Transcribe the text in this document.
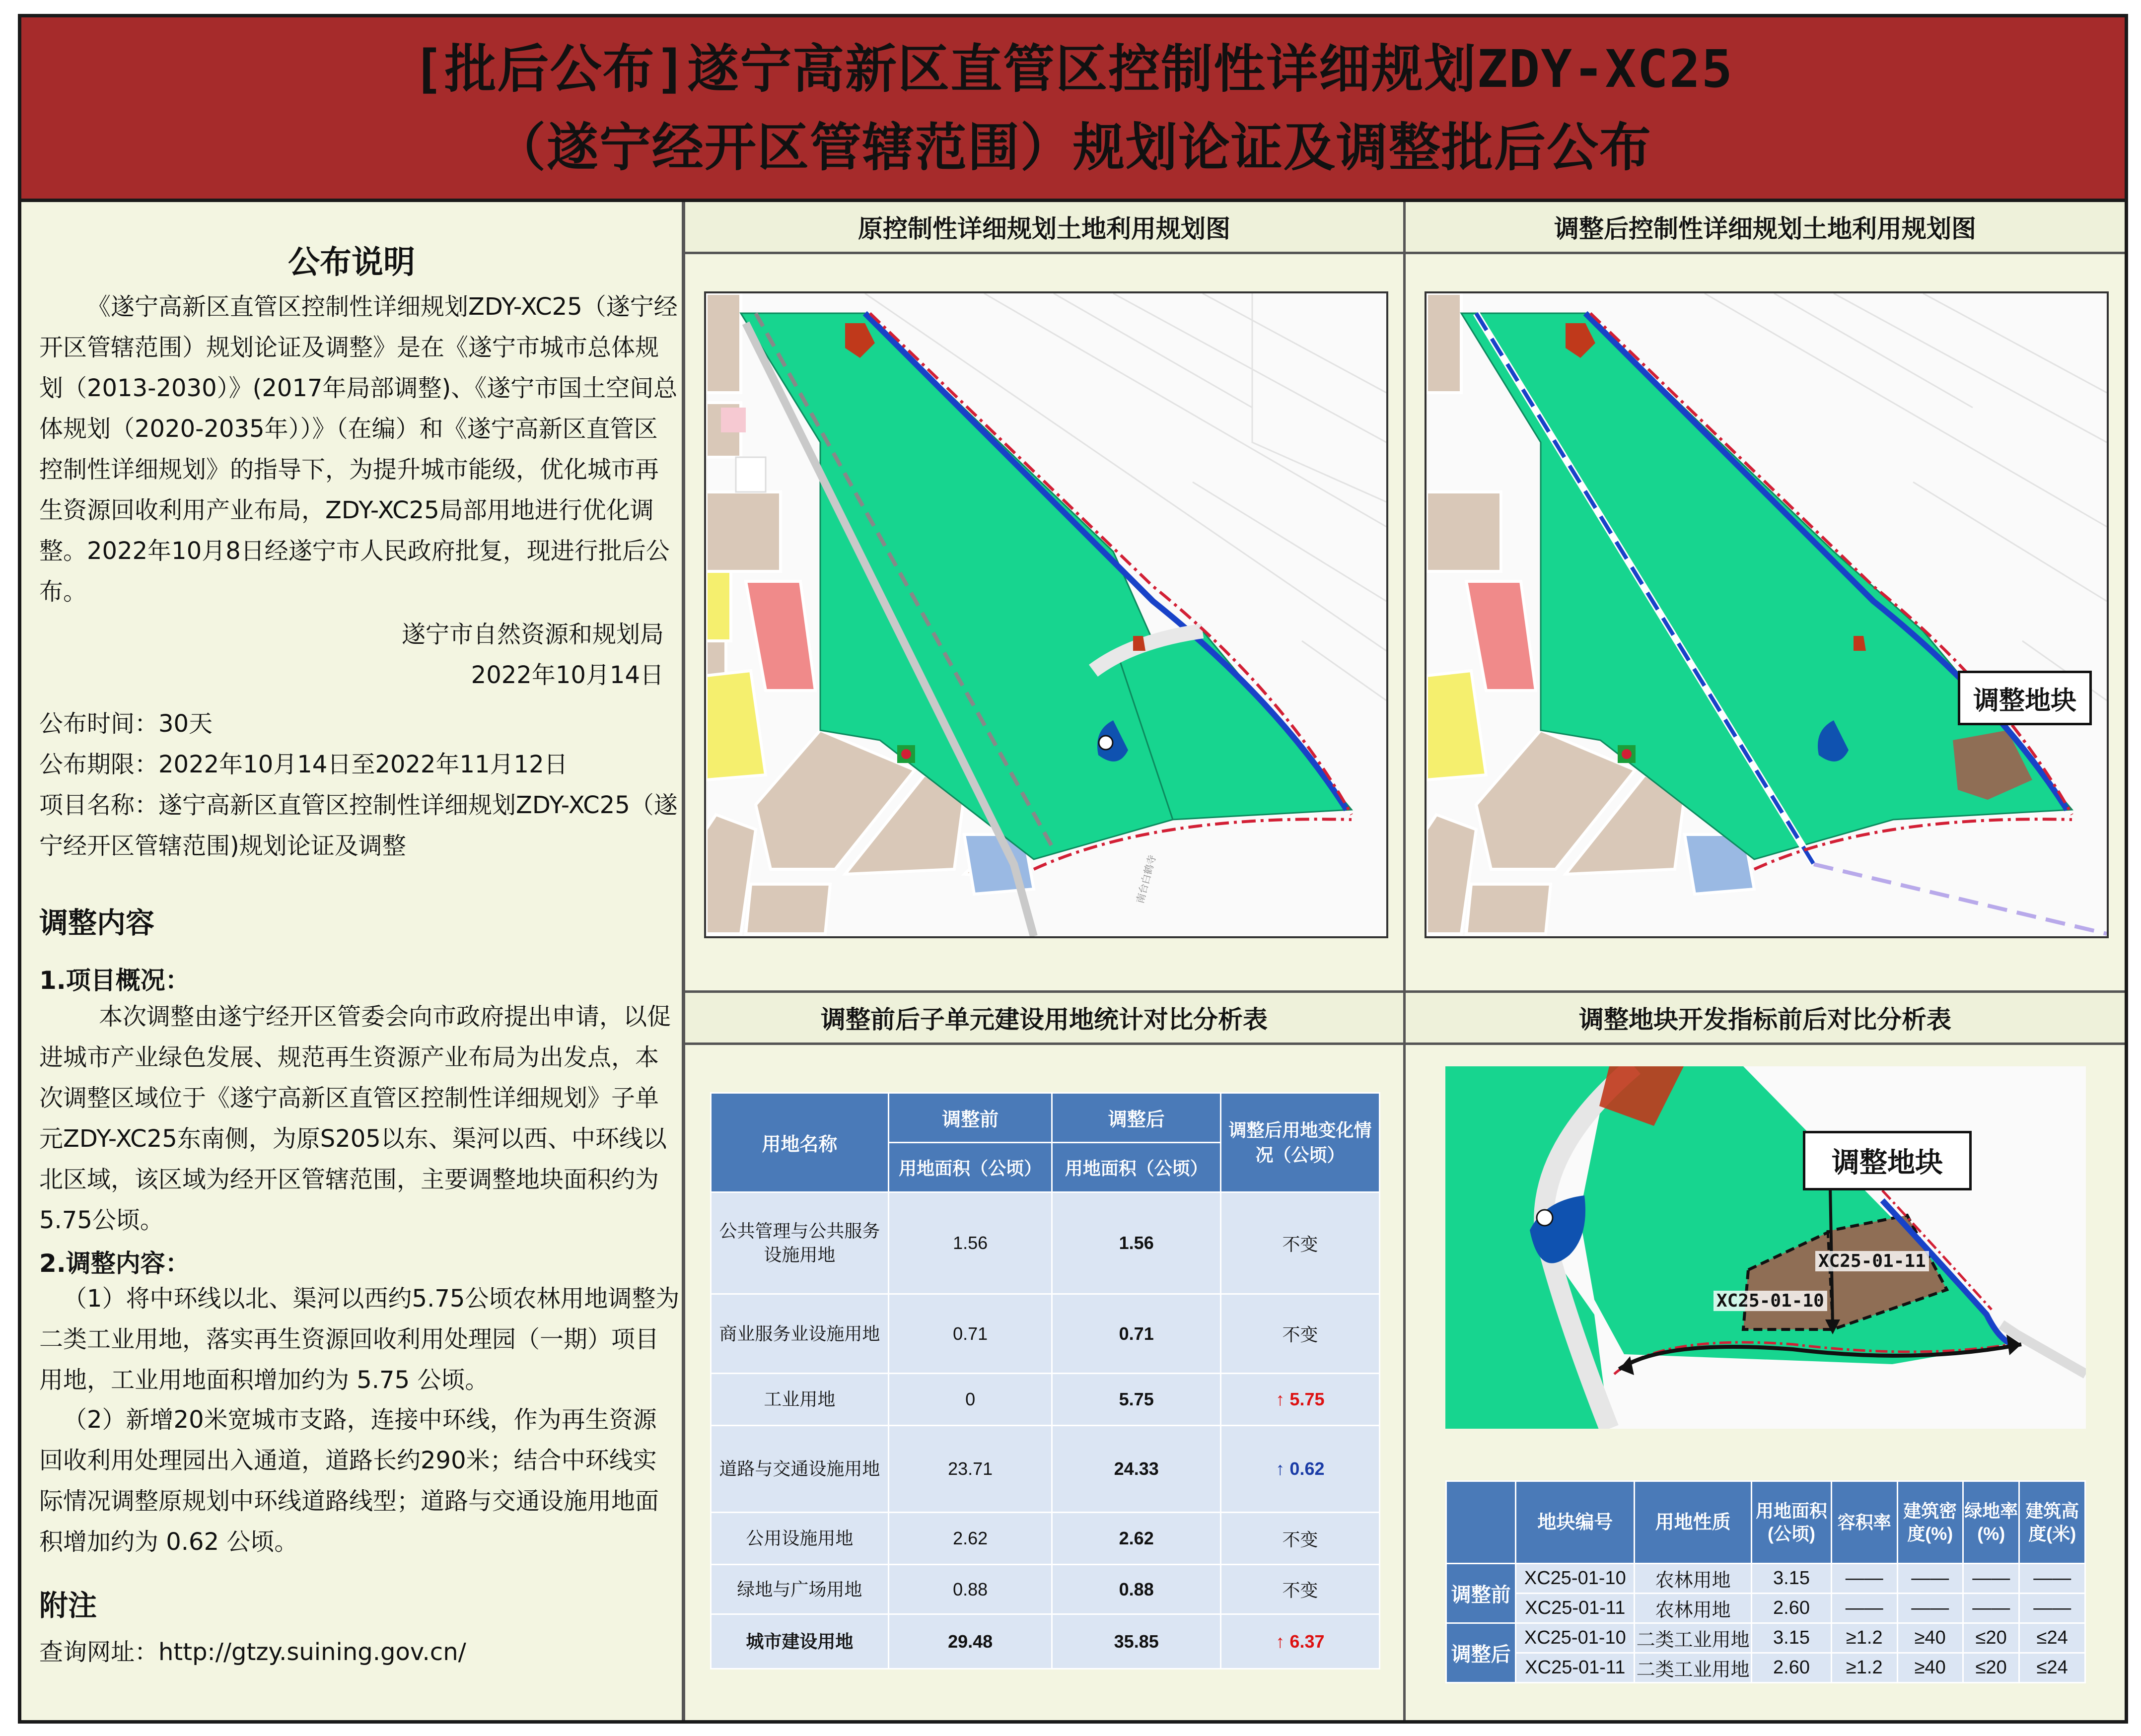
[批后公布]遂宁高新区直管区控制性详细规划ZDY-XC25
（遂宁经开区管辖范围）规划论证及调整批后公布
公布说明
《遂宁高新区直管区控制性详细规划ZDY-XC25（遂宁经开区管辖范围）规划论证及调整》是在《遂宁市城市总体规划（2013-2030）》(2017年局部调整)、《遂宁市国土空间总体规划（2020-2035年））》（在编）和《遂宁高新区直管区控制性详细规划》的指导下，为提升城市能级，优化城市再生资源回收利用产业布局，ZDY-XC25局部用地进行优化调整。2022年10月8日经遂宁市人民政府批复，现进行批后公布。
遂宁市自然资源和规划局
2022年10月14日
公布时间：30天
公布期限：2022年10月14日至2022年11月12日
项目名称：遂宁高新区直管区控制性详细规划ZDY-XC25（遂宁经开区管辖范围)规划论证及调整
调整内容
1.项目概况：
本次调整由遂宁经开区管委会向市政府提出申请，以促进城市产业绿色发展、规范再生资源产业布局为出发点，本次调整区域位于《遂宁高新区直管区控制性详细规划》子单元ZDY-XC25东南侧，为原S205以东、渠河以西、中环线以北区域，该区域为经开区管辖范围，主要调整地块面积约为5.75公顷。
2.调整内容：
（1）将中环线以北、渠河以西约5.75公顷农林用地调整为二类工业用地，落实再生资源回收利用处理园（一期）项目用地，工业用地面积增加约为 5.75 公顷。
（2）新增20米宽城市支路，连接中环线，作为再生资源回收利用处理园出入通道，道路长约290米；结合中环线实际情况调整原规划中环线道路线型；道路与交通设施用地面积增加约为 0.62 公顷。
附注
查询网址：http://gtzy.suining.gov.cn/
原控制性详细规划土地利用规划图
南台白鹤寺
调整后控制性详细规划土地利用规划图
调整地块
调整前后子单元建设用地统计对比分析表
用地名称	调整前	调整后	调整后用地变化情况（公顷）
	用地面积（公顷）	用地面积（公顷）	
公共管理与公共服务设施用地	1.56	1.56	不变
商业服务业设施用地	0.71	0.71	不变
工业用地	0	5.75	↑ 5.75
道路与交通设施用地	23.71	24.33	↑ 0.62
公用设施用地	2.62	2.62	不变
绿地与广场用地	0.88	0.88	不变
城市建设用地	29.48	35.85	↑ 6.37
调整地块开发指标前后对比分析表
调整地块
XC25-01-11
XC25-01-10
	地块编号	用地性质	用地面积(公顷)	容积率	建筑密度(%)	绿地率(%)	建筑高度(米)
调整前	XC25-01-10	农林用地	3.15	——	——	——	——
	XC25-01-11	农林用地	2.60	——	——	——	——
调整后	XC25-01-10	二类工业用地	3.15	≥1.2	≥40	≤20	≤24
	XC25-01-11	二类工业用地	2.60	≥1.2	≥40	≤20	≤24
